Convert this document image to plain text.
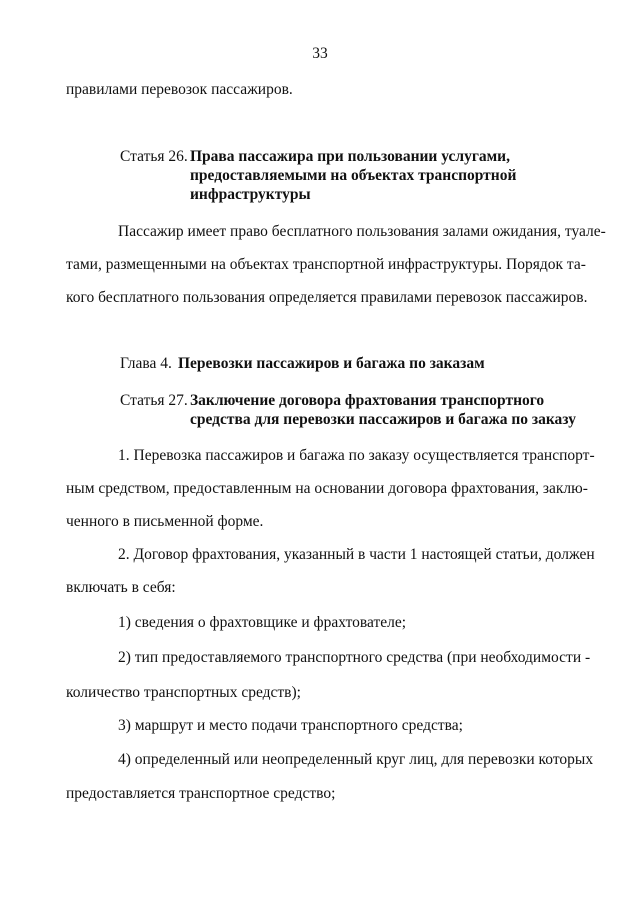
33
правилами перевозок пассажиров.
Статья 26. Права пассажира при пользовании услугами,
предоставляемыми на объектах транспортной
инфраструктуры
Пассажир имеет право бесплатного пользования залами ожидания, туале-
тами, размещенными на объектах транспортной инфраструктуры. Порядок та-
кого бесплатного пользования определяется правилами перевозок пассажиров.
Глава 4. Перевозки пассажиров и багажа по заказам
Статья 27. Заключение договора фрахтования транспортного
средства для перевозки пассажиров и багажа по заказу
1. Перевозка пассажиров и багажа по заказу осуществляется транспорт-
ным средством, предоставленным на основании договора фрахтования, заклю-
ченного в письменной форме.
2. Договор фрахтования, указанный в части 1 настоящей статьи, должен
включать в себя:
1) сведения о фрахтовщике и фрахтователе;
2) тип предоставляемого транспортного средства (при необходимости -
количество транспортных средств);
3) маршрут и место подачи транспортного средства;
4) определенный или неопределенный круг лиц, для перевозки которых
предоставляется транспортное средство;
